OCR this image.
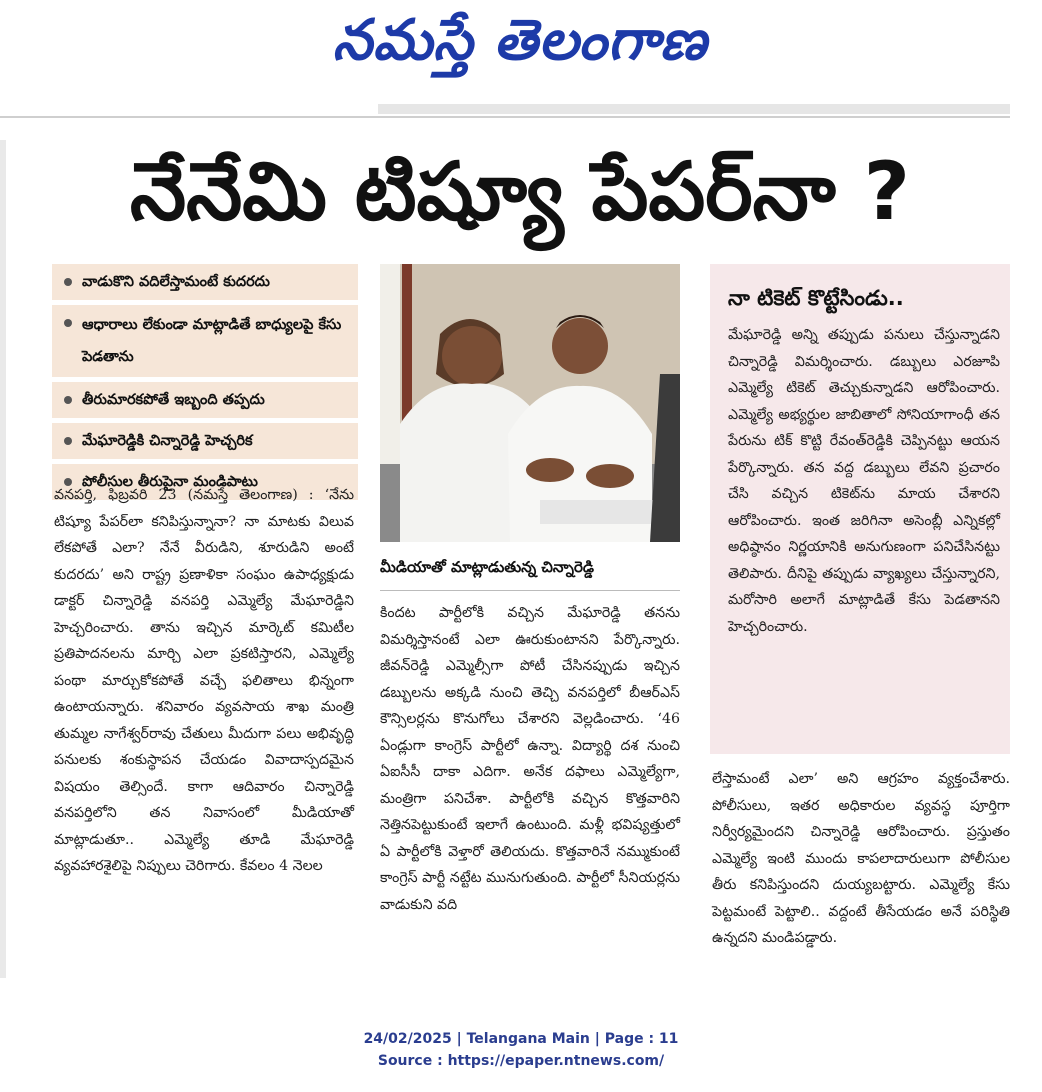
నమస్తే తెలంగాణ
నేనేమి టిష్యూ పేపర్‌నా ?
వాడుకొని వదిలేస్తామంటే కుదరదు
ఆధారాలు లేకుండా మాట్లాడితే బాధ్యులపై కేసు పెడతాను
తీరుమారకపోతే ఇబ్బంది తప్పదు
మేఘారెడ్డికి చిన్నారెడ్డి హెచ్చరిక
పోలీసుల తీరుపైనా మండిపాటు

వనపర్తి, ఫిబ్రవరి 23 (నమస్తే తెలంగాణ) : ‘నేను టిష్యూ పేపర్‌లా కనిపిస్తున్నానా? నా మాటకు విలువ లేకపోతే ఎలా? నేనే వీరుడిని, శూరుడిని అంటే కుదరదు’ అని రాష్ట్ర ప్రణాళికా సంఘం ఉపాధ్యక్షుడు డాక్టర్ చిన్నారెడ్డి వనపర్తి ఎమ్మెల్యే మేఘారెడ్డిని హెచ్చరించారు. తాను ఇచ్చిన మార్కెట్ కమిటీల ప్రతిపాదనలను మార్చి ఎలా ప్రకటిస్తారని, ఎమ్మెల్యే పంథా మార్చుకోకపోతే వచ్చే ఫలితాలు భిన్నంగా ఉంటాయన్నారు. శనివారం వ్యవసాయ శాఖ మంత్రి తుమ్మల నాగేశ్వర్‌రావు చేతులు మీదుగా పలు అభివృద్ధి పనులకు శంకుస్థాపన చేయడం వివాదాస్పదమైన విషయం తెల్సిందే. కాగా ఆదివారం చిన్నారెడ్డి వనపర్తిలోని తన నివాసంలో మీడియాతో మాట్లాడుతూ.. ఎమ్మెల్యే తూడి మేఘారెడ్డి వ్యవహారశైలిపై నిప్పులు చెరిగారు. కేవలం 4 నెలల

మీడియాతో మాట్లాడుతున్న చిన్నారెడ్డి

కిందట పార్టీలోకి వచ్చిన మేఘారెడ్డి తనను విమర్శిస్తానంటే ఎలా ఊరుకుంటానని పేర్కొన్నారు. జీవన్‌రెడ్డి ఎమ్మెల్సీగా పోటీ చేసినప్పుడు ఇచ్చిన డబ్బులను అక్కడి నుంచి తెచ్చి వనపర్తిలో బీఆర్‌ఎస్ కౌన్సిలర్లను కొనుగోలు చేశారని వెల్లడించారు. ‘46 ఏండ్లుగా కాంగ్రెస్ పార్టీలో ఉన్నా. విద్యార్థి దశ నుంచి ఏఐసీసీ దాకా ఎదిగా. అనేక దఫాలు ఎమ్మెల్యేగా, మంత్రిగా పనిచేశా. పార్టీలోకి వచ్చిన కొత్తవారిని నెత్తినపెట్టుకుంటే ఇలాగే ఉంటుంది. మళ్లీ భవిష్యత్తులో ఏ పార్టీలోకి వెళ్తారో తెలియదు. కొత్తవారినే నమ్ముకుంటే కాంగ్రెస్ పార్టీ నట్టేట మునుగుతుంది. పార్టీలో సీనియర్లను వాడుకుని వది

నా టికెట్ కొట్టేసిండు..
మేఘారెడ్డి అన్ని తప్పుడు పనులు చేస్తున్నాడని చిన్నారెడ్డి విమర్శించారు. డబ్బులు ఎరజూపి ఎమ్మెల్యే టికెట్ తెచ్చుకున్నాడని ఆరోపించారు. ఎమ్మెల్యే అభ్యర్థుల జాబితాలో సోనియాగాంధీ తన పేరును టిక్ కొట్టి రేవంత్‌రెడ్డికి చెప్పినట్టు ఆయన పేర్కొన్నారు. తన వద్ద డబ్బులు లేవని ప్రచారం చేసి వచ్చిన టికెట్‌ను మాయ చేశారని ఆరోపించారు. ఇంత జరిగినా అసెంబ్లీ ఎన్నికల్లో అధిష్ఠానం నిర్ణయానికి అనుగుణంగా పనిచేసినట్టు తెలిపారు. దీనిపై తప్పుడు వ్యాఖ్యలు చేస్తున్నారని, మరోసారి అలాగే మాట్లాడితే కేసు పెడతానని హెచ్చరించారు.

లేస్తామంటే ఎలా’ అని ఆగ్రహం వ్యక్తంచేశారు. పోలీసులు, ఇతర అధికారుల వ్యవస్థ పూర్తిగా నిర్వీర్యమైందని చిన్నారెడ్డి ఆరోపించారు. ప్రస్తుతం ఎమ్మెల్యే ఇంటి ముందు కాపలాదారులుగా పోలీసుల తీరు కనిపిస్తుందని దుయ్యబట్టారు. ఎమ్మెల్యే కేసు పెట్టమంటే పెట్టాలి.. వద్దంటే తీసేయడం అనే పరిస్థితి ఉన్నదని మండిపడ్డారు.

24/02/2025 | Telangana Main | Page : 11
Source : https://epaper.ntnews.com/
